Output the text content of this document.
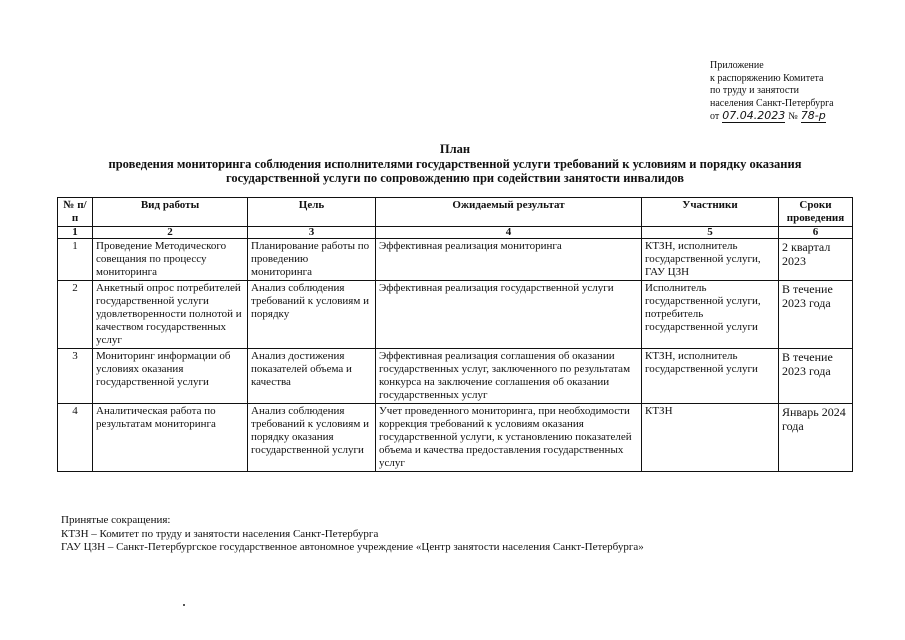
Приложение
к распоряжению Комитета
по труду и занятости
населения Санкт-Петербурга
от 07.04.2023 № 78-р
План
проведения мониторинга соблюдения исполнителями государственной услуги требований к условиям и порядку оказания
государственной услуги по сопровождению при содействии занятости инвалидов
№ п/п	Вид работы	Цель	Ожидаемый результат	Участники	Сроки проведения
1	2	3	4	5	6
1	Проведение Методического совещания по процессу мониторинга	Планирование работы по проведению мониторинга	Эффективная реализация мониторинга	КТЗН, исполнитель государственной услуги, ГАУ ЦЗН	2 квартал 2023
2	Анкетный опрос потребителей государственной услуги удовлетворенности полнотой и качеством государственных услуг	Анализ соблюдения требований к условиям и порядку	Эффективная реализация государственной услуги	Исполнитель государственной услуги, потребитель государственной услуги	В течение 2023 года
3	Мониторинг информации об условиях оказания государственной услуги	Анализ достижения показателей объема и качества	Эффективная реализация соглашения об оказании государственных услуг, заключенного по результатам конкурса на заключение соглашения об оказании государственных услуг	КТЗН, исполнитель государственной услуги	В течение 2023 года
4	Аналитическая работа по результатам мониторинга	Анализ соблюдения требований к условиям и порядку оказания государственной услуги	Учет проведенного мониторинга, при необходимости коррекция требований к условиям оказания государственной услуги, к установлению показателей объема и качества предоставления государственных услуг	КТЗН	Январь 2024 года
Принятые сокращения:
КТЗН – Комитет по труду и занятости населения Санкт-Петербурга
ГАУ ЦЗН – Санкт-Петербургское государственное автономное учреждение «Центр занятости населения Санкт-Петербурга»
